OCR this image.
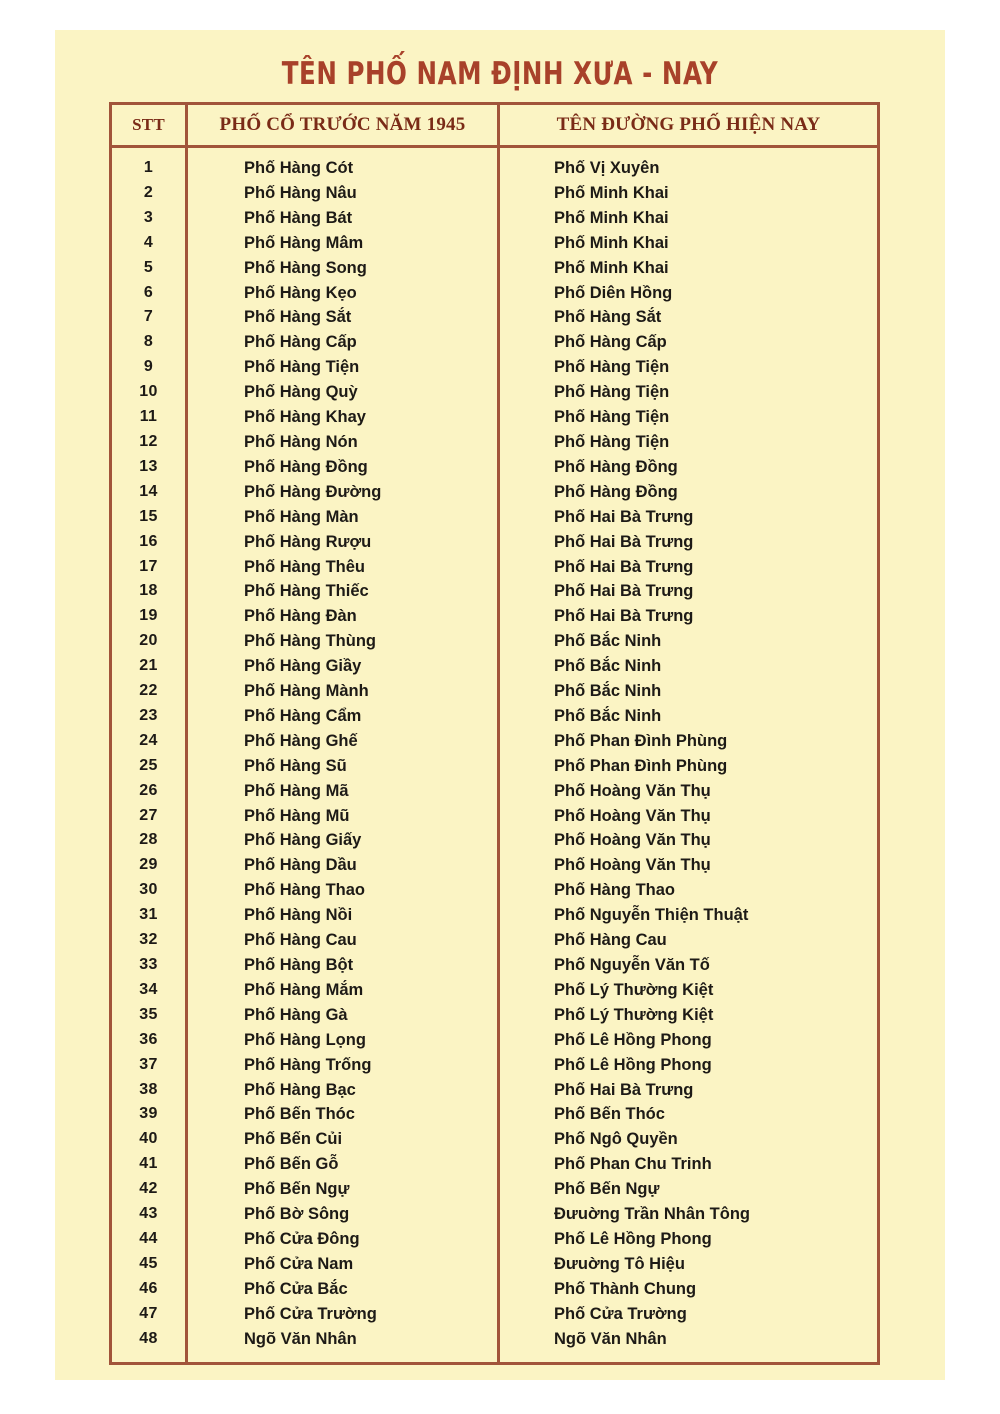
TÊN PHỐ NAM ĐỊNH XƯA - NAY
STT	PHỐ CỔ TRƯỚC NĂM 1945	TÊN ĐƯỜNG PHỐ HIỆN NAY

1	Phố Hàng Cót	Phố Vị Xuyên
2	Phố Hàng Nâu	Phố Minh Khai
3	Phố Hàng Bát	Phố Minh Khai
4	Phố Hàng Mâm	Phố Minh Khai
5	Phố Hàng Song	Phố Minh Khai
6	Phố Hàng Kẹo	Phố Diên Hồng
7	Phố Hàng Sắt	Phố Hàng Sắt
8	Phố Hàng Cấp	Phố Hàng Cấp
9	Phố Hàng Tiện	Phố Hàng Tiện
10	Phố Hàng Quỳ	Phố Hàng Tiện
11	Phố Hàng Khay	Phố Hàng Tiện
12	Phố Hàng Nón	Phố Hàng Tiện
13	Phố Hàng Đồng	Phố Hàng Đồng
14	Phố Hàng Đường	Phố Hàng Đồng
15	Phố Hàng Màn	Phố Hai Bà Trưng
16	Phố Hàng Rượu	Phố Hai Bà Trưng
17	Phố Hàng Thêu	Phố Hai Bà Trưng
18	Phố Hàng Thiếc	Phố Hai Bà Trưng
19	Phố Hàng Đàn	Phố Hai Bà Trưng
20	Phố Hàng Thùng	Phố Bắc Ninh
21	Phố Hàng Giầy	Phố Bắc Ninh
22	Phố Hàng Mành	Phố Bắc Ninh
23	Phố Hàng Cẩm	Phố Bắc Ninh
24	Phố Hàng Ghế	Phố Phan Đình Phùng
25	Phố Hàng Sũ	Phố Phan Đình Phùng
26	Phố Hàng Mã	Phố Hoàng Văn Thụ
27	Phố Hàng Mũ	Phố Hoàng Văn Thụ
28	Phố Hàng Giấy	Phố Hoàng Văn Thụ
29	Phố Hàng Dầu	Phố Hoàng Văn Thụ
30	Phố Hàng Thao	Phố Hàng Thao
31	Phố Hàng Nồi	Phố Nguyễn Thiện Thuật
32	Phố Hàng Cau	Phố Hàng Cau
33	Phố Hàng Bột	Phố Nguyễn Văn Tố
34	Phố Hàng Mắm	Phố Lý Thường Kiệt
35	Phố Hàng Gà	Phố Lý Thường Kiệt
36	Phố Hàng Lọng	Phố Lê Hồng Phong
37	Phố Hàng Trống	Phố Lê Hồng Phong
38	Phố Hàng Bạc	Phố Hai Bà Trưng
39	Phố Bến Thóc	Phố Bến Thóc
40	Phố Bến Củi	Phố Ngô Quyền
41	Phố Bến Gỗ	Phố Phan Chu Trinh
42	Phố Bến Ngự	Phố Bến Ngự
43	Phố Bờ Sông	Đưuờng Trần Nhân Tông
44	Phố Cửa Đông	Phố Lê Hồng Phong
45	Phố Cửa Nam	Đưuờng Tô Hiệu
46	Phố Cửa Bắc	Phố Thành Chung
47	Phố Cửa Trường	Phố Cửa Trường
48	Ngõ Văn Nhân	Ngõ Văn Nhân
